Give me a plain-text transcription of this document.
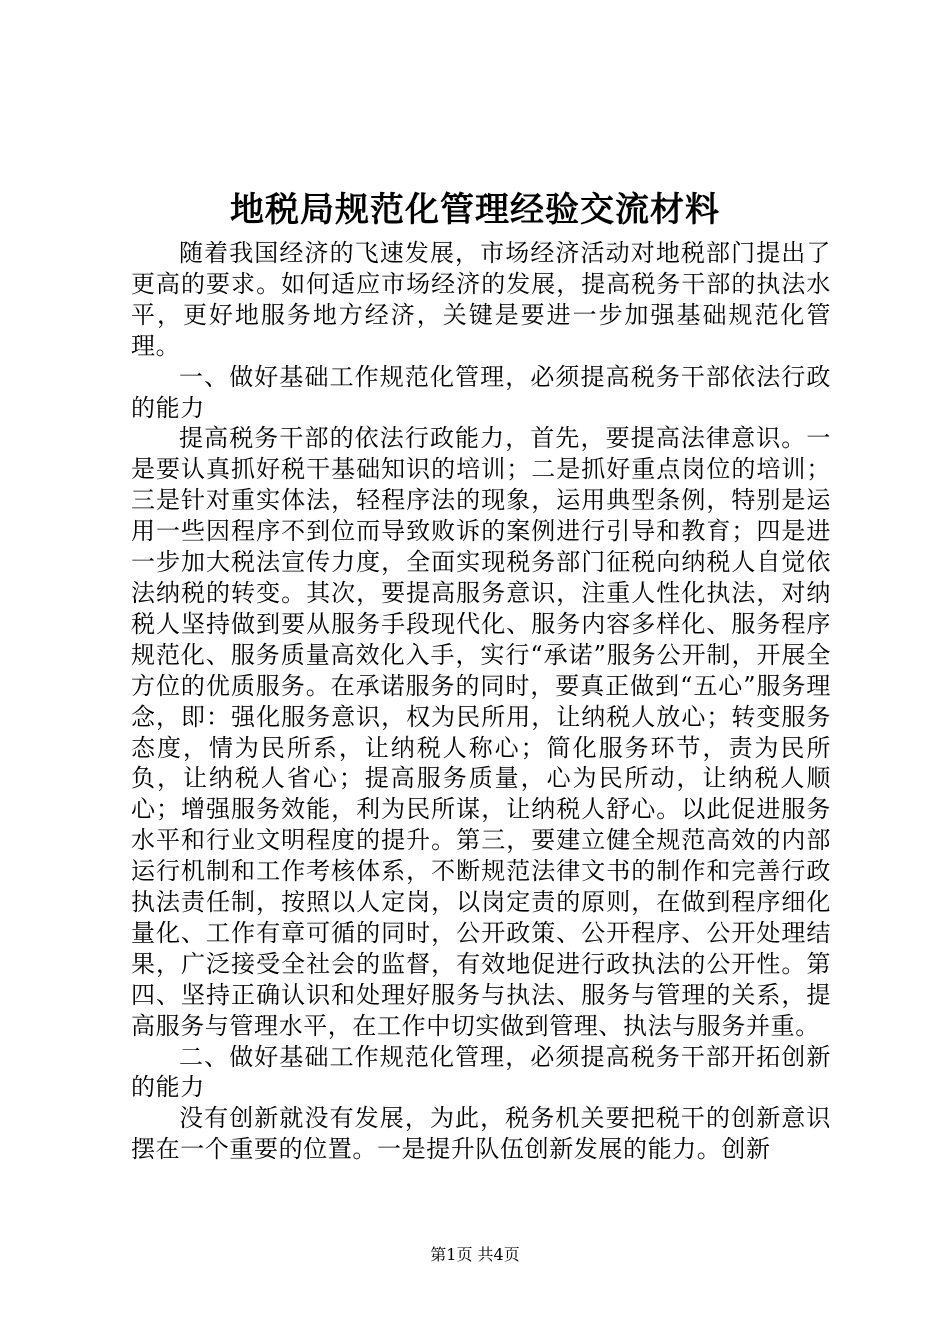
地税局规范化管理经验交流材料

随着我国经济的飞速发展，市场经济活动对地税部门提出了更高的要求。如何适应市场经济的发展，提高税务干部的执法水平，更好地服务地方经济，关键是要进一步加强基础规范化管理。

一、做好基础工作规范化管理，必须提高税务干部依法行政的能力

提高税务干部的依法行政能力，首先，要提高法律意识。一是要认真抓好税干基础知识的培训；二是抓好重点岗位的培训；三是针对重实体法，轻程序法的现象，运用典型条例，特别是运用一些因程序不到位而导致败诉的案例进行引导和教育；四是进一步加大税法宣传力度，全面实现税务部门征税向纳税人自觉依法纳税的转变。其次，要提高服务意识，注重人性化执法，对纳税人坚持做到要从服务手段现代化、服务内容多样化、服务程序规范化、服务质量高效化入手，实行“承诺”服务公开制，开展全方位的优质服务。在承诺服务的同时，要真正做到“五心”服务理念，即：强化服务意识，权为民所用，让纳税人放心；转变服务态度，情为民所系，让纳税人称心；简化服务环节，责为民所负，让纳税人省心；提高服务质量，心为民所动，让纳税人顺心；增强服务效能，利为民所谋，让纳税人舒心。以此促进服务水平和行业文明程度的提升。第三，要建立健全规范高效的内部运行机制和工作考核体系，不断规范法律文书的制作和完善行政执法责任制，按照以人定岗，以岗定责的原则，在做到程序细化量化、工作有章可循的同时，公开政策、公开程序、公开处理结果，广泛接受全社会的监督，有效地促进行政执法的公开性。第四、坚持正确认识和处理好服务与执法、服务与管理的关系，提高服务与管理水平，在工作中切实做到管理、执法与服务并重。

二、做好基础工作规范化管理，必须提高税务干部开拓创新的能力

没有创新就没有发展，为此，税务机关要把税干的创新意识摆在一个重要的位置。一是提升队伍创新发展的能力。创新

第1页 共4页
